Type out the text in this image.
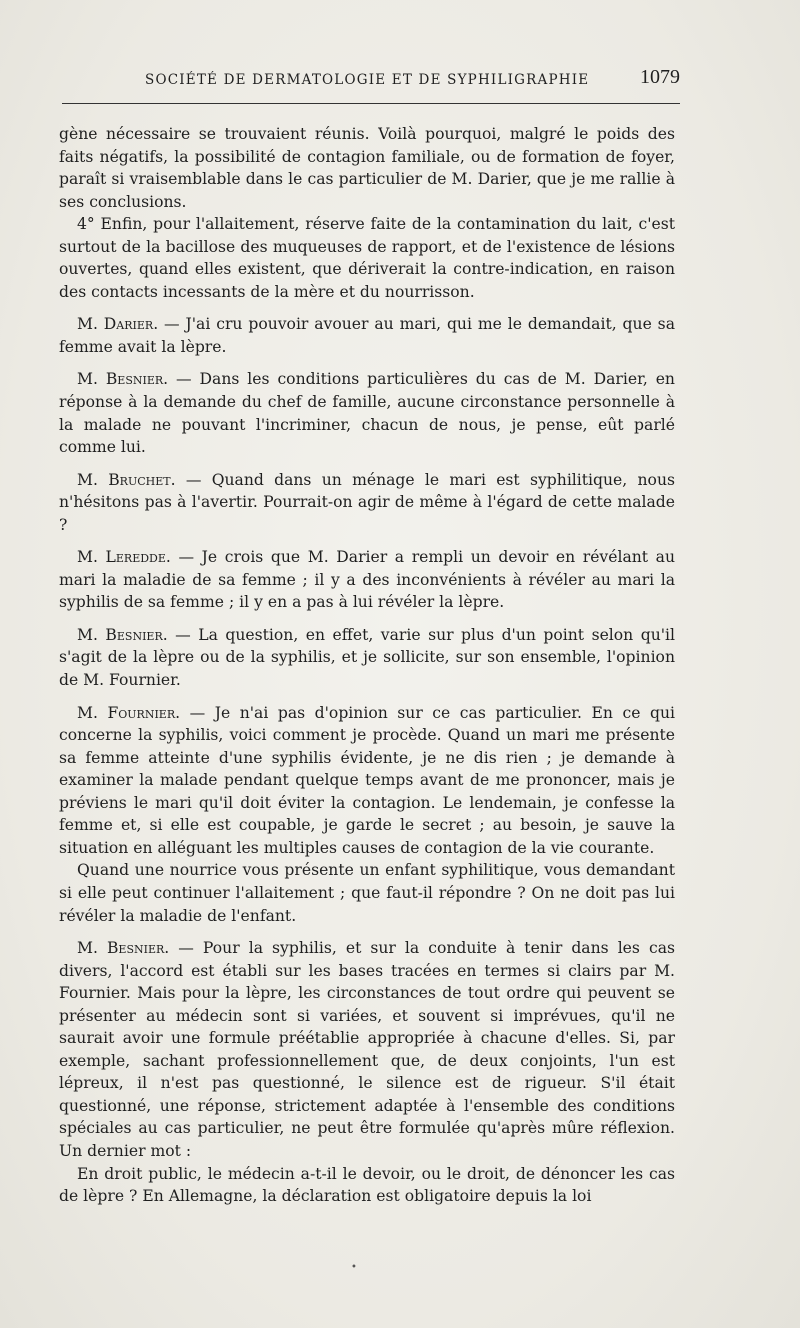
SOCIÉTÉ DE DERMATOLOGIE ET DE SYPHILIGRAPHIE	1079

gène nécessaire se trouvaient réunis. Voilà pourquoi, malgré le poids des faits négatifs, la possibilité de contagion familiale, ou de formation de foyer, paraît si vraisemblable dans le cas particulier de M. Darier, que je me rallie à ses conclusions.

4° Enfin, pour l'allaitement, réserve faite de la contamination du lait, c'est surtout de la bacillose des muqueuses de rapport, et de l'existence de lésions ouvertes, quand elles existent, que dériverait la contre-indication, en raison des contacts incessants de la mère et du nourrisson.

M. Darier. — J'ai cru pouvoir avouer au mari, qui me le demandait, que sa femme avait la lèpre.

M. Besnier. — Dans les conditions particulières du cas de M. Darier, en réponse à la demande du chef de famille, aucune circonstance personnelle à la malade ne pouvant l'incriminer, chacun de nous, je pense, eût parlé comme lui.

M. Bruchet. — Quand dans un ménage le mari est syphilitique, nous n'hésitons pas à l'avertir. Pourrait-on agir de même à l'égard de cette malade ?

M. Leredde. — Je crois que M. Darier a rempli un devoir en révélant au mari la maladie de sa femme ; il y a des inconvénients à révéler au mari la syphilis de sa femme ; il y en a pas à lui révéler la lèpre.

M. Besnier. — La question, en effet, varie sur plus d'un point selon qu'il s'agit de la lèpre ou de la syphilis, et je sollicite, sur son ensemble, l'opinion de M. Fournier.

M. Fournier. — Je n'ai pas d'opinion sur ce cas particulier. En ce qui concerne la syphilis, voici comment je procède. Quand un mari me présente sa femme atteinte d'une syphilis évidente, je ne dis rien ; je demande à examiner la malade pendant quelque temps avant de me prononcer, mais je préviens le mari qu'il doit éviter la contagion. Le lendemain, je confesse la femme et, si elle est coupable, je garde le secret ; au besoin, je sauve la situation en alléguant les multiples causes de contagion de la vie courante.

Quand une nourrice vous présente un enfant syphilitique, vous demandant si elle peut continuer l'allaitement ; que faut-il répondre ? On ne doit pas lui révéler la maladie de l'enfant.

M. Besnier. — Pour la syphilis, et sur la conduite à tenir dans les cas divers, l'accord est établi sur les bases tracées en termes si clairs par M. Fournier. Mais pour la lèpre, les circonstances de tout ordre qui peuvent se présenter au médecin sont si variées, et souvent si imprévues, qu'il ne saurait avoir une formule préétablie appropriée à chacune d'elles. Si, par exemple, sachant professionnellement que, de deux conjoints, l'un est lépreux, il n'est pas questionné, le silence est de rigueur. S'il était questionné, une réponse, strictement adaptée à l'ensemble des conditions spéciales au cas particulier, ne peut être formulée qu'après mûre réflexion. Un dernier mot :

En droit public, le médecin a-t-il le devoir, ou le droit, de dénoncer les cas de lèpre ? En Allemagne, la déclaration est obligatoire depuis la loi

•
